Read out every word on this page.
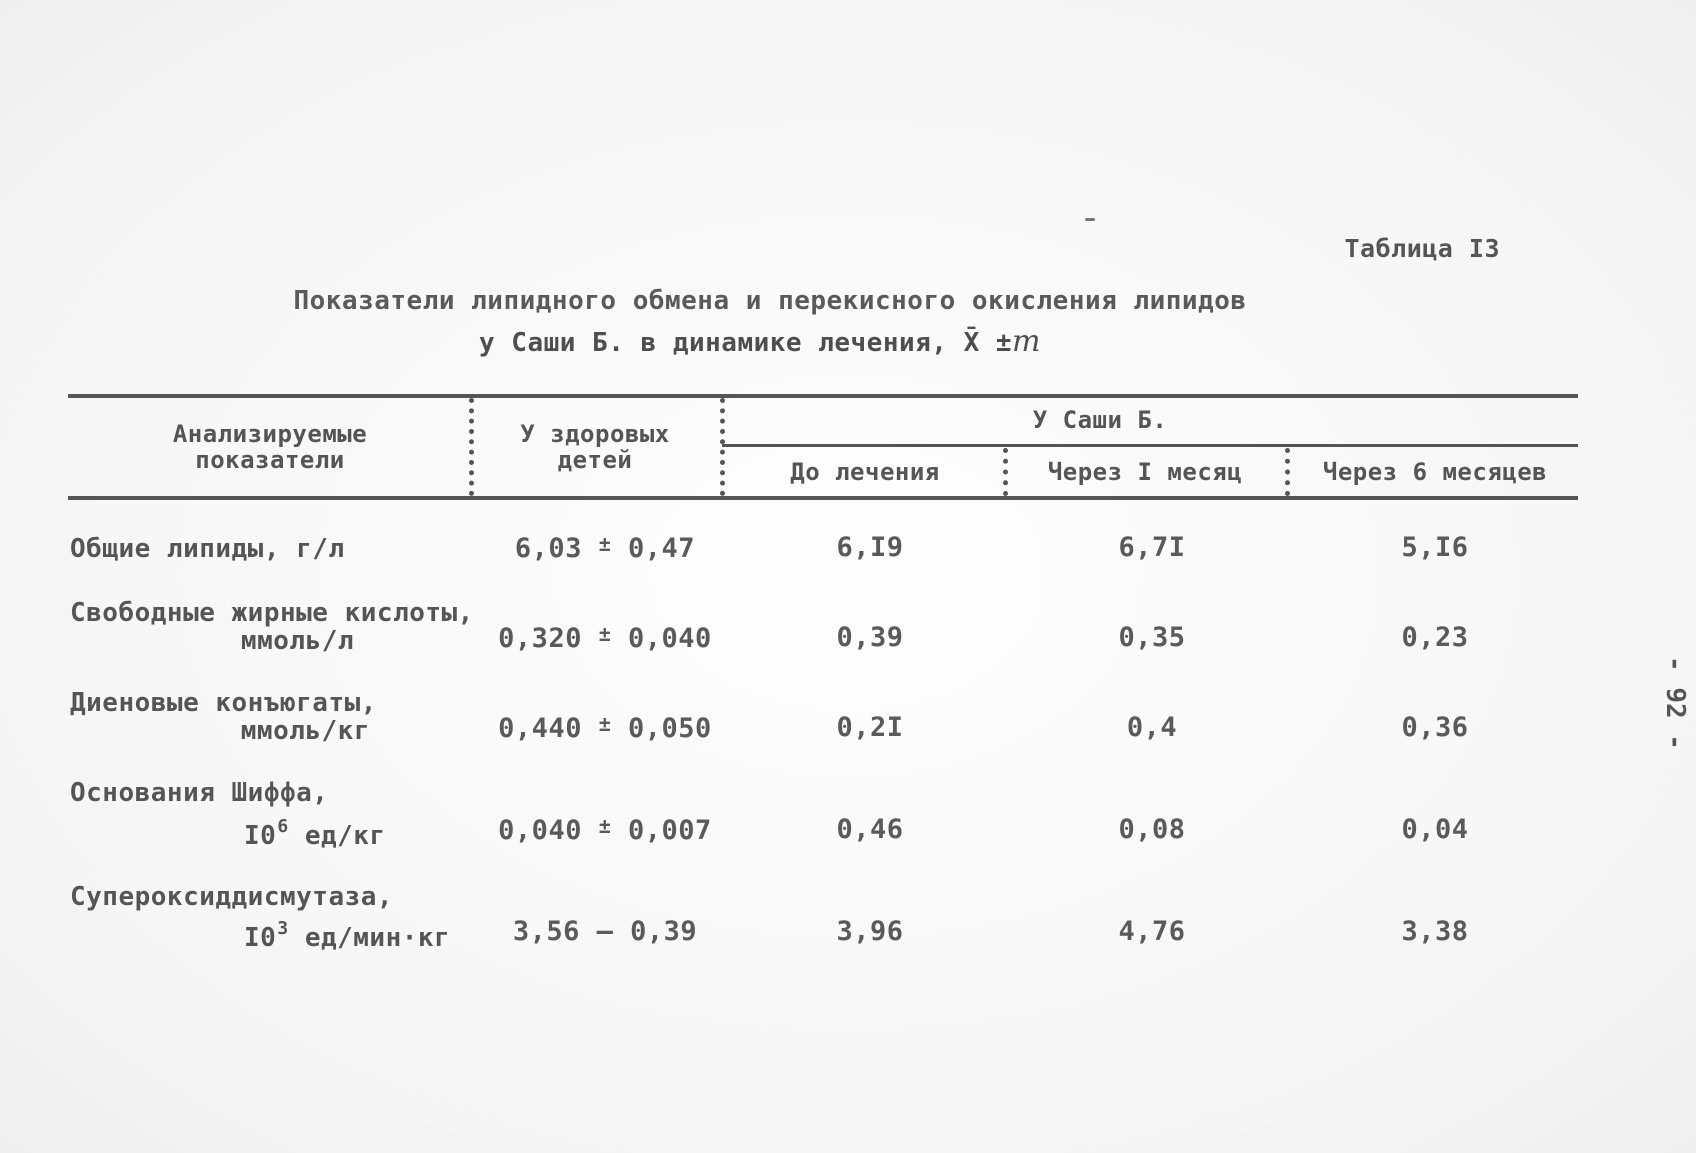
Таблица I3
Показатели липидного обмена и перекисного окисления липидов
у Саши Б. в динамике лечения, X̄ ±m
Анализируемые
показатели
У здоровых
детей
У Саши Б.
До лечения	Через I месяц	Через 6 месяцев
Общие липиды, г/л	6,03 ± 0,47	6,I9	6,7I	5,I6
Свободные жирные кислоты,
ммоль/л	0,320 ± 0,040	0,39	0,35	0,23
Диеновые конъюгаты,
ммоль/кг	0,440 ± 0,050	0,2I	0,4	0,36
Основания Шиффа,
$I0^6$ ед/кг	0,040 ± 0,007	0,46	0,08	0,04
Супероксиддисмутаза,
$I0^3$ ед/мин·кг	3,56 – 0,39	3,96	4,76	3,38
- 92 -
